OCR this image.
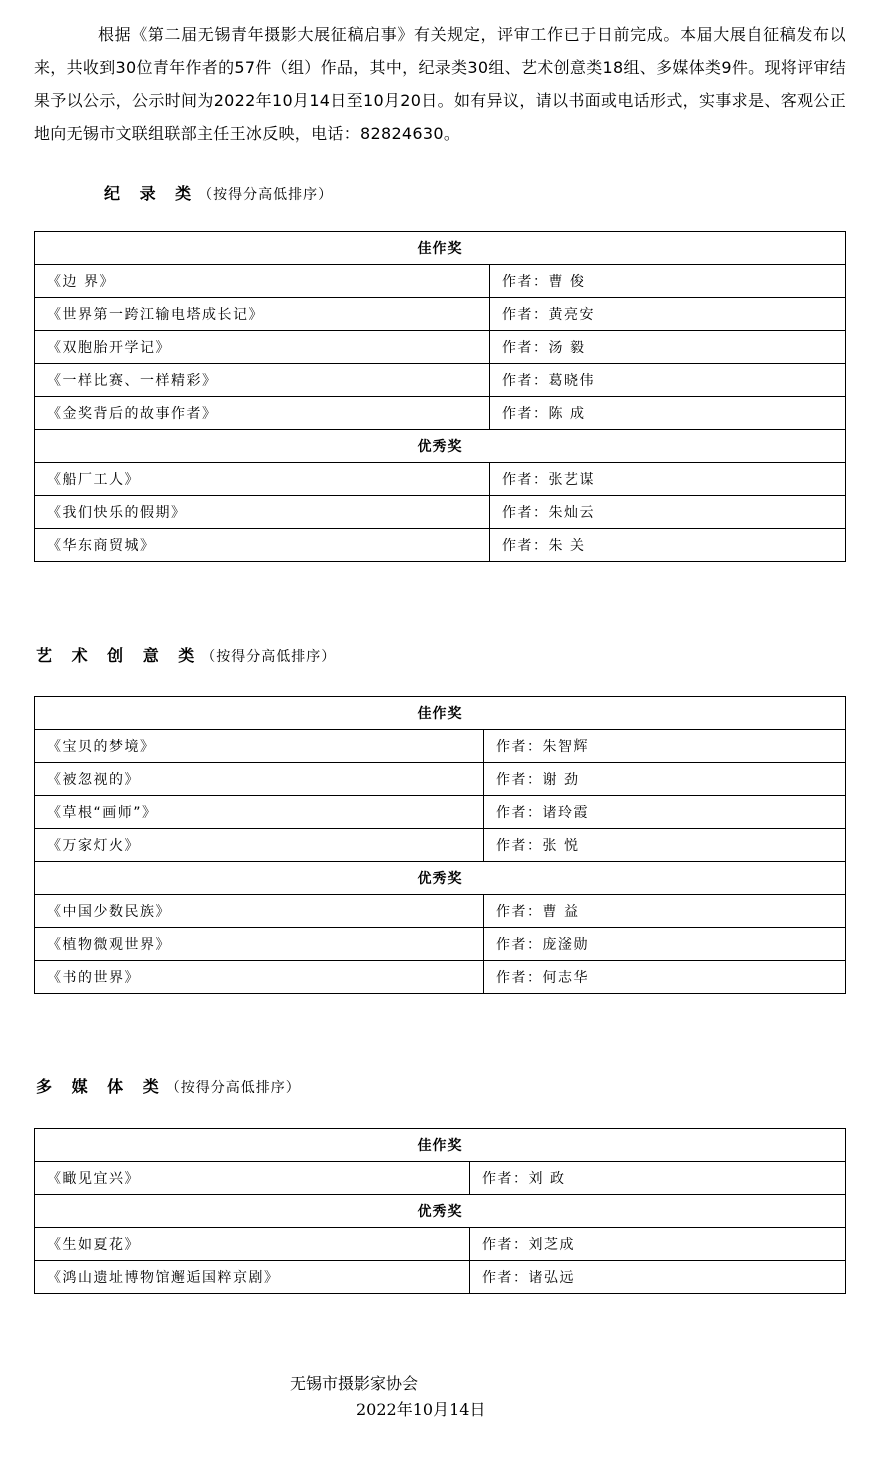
根据《第二届无锡青年摄影大展征稿启事》有关规定，评审工作已于日前完成。本届大展自征稿发布以来，共收到30位青年作者的57件（组）作品，其中，纪录类30组、艺术创意类18组、多媒体类9件。现将评审结果予以公示，公示时间为2022年10月14日至10月20日。如有异议，请以书面或电话形式，实事求是、客观公正地向无锡市文联组联部主任王冰反映，电话：82824630。

纪 录 类（按得分高低排序）
佳作奖	
《边 界》	作者：曹 俊
《世界第一跨江输电塔成长记》	作者：黄亮安
《双胞胎开学记》	作者：汤 毅
《一样比赛、一样精彩》	作者：葛晓伟
《金奖背后的故事作者》	作者：陈 成
优秀奖	
《船厂工人》	作者：张艺谋
《我们快乐的假期》	作者：朱灿云
《华东商贸城》	作者：朱 关
艺 术 创 意 类（按得分高低排序）
佳作奖	
《宝贝的梦境》	作者：朱智辉
《被忽视的》	作者：谢 劲
《草根“画师”》	作者：诸玲霞
《万家灯火》	作者：张 悦
优秀奖	
《中国少数民族》	作者：曹 益
《植物微观世界》	作者：庞滏勋
《书的世界》	作者：何志华
多 媒 体 类（按得分高低排序）
佳作奖	
《瞰见宜兴》	作者：刘 政
优秀奖	
《生如夏花》	作者：刘芝成
《鸿山遗址博物馆邂逅国粹京剧》	作者：诸弘远
无锡市摄影家协会
2022年10月14日
